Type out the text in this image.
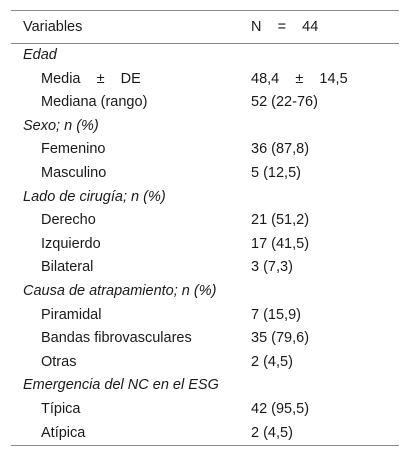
Variables	N    =    44
Edad
Media    ±    DE	48,4    ±    14,5
Mediana (rango)	52 (22-76)
Sexo; n (%)
Femenino	36 (87,8)
Masculino	5 (12,5)
Lado de cirugía; n (%)
Derecho	21 (51,2)
Izquierdo	17 (41,5)
Bilateral	3 (7,3)
Causa de atrapamiento; n (%)
Piramidal	7 (15,9)
Bandas fibrovasculares	35 (79,6)
Otras	2 (4,5)
Emergencia del NC en el ESG
Típica	42 (95,5)
Atípica	2 (4,5)
